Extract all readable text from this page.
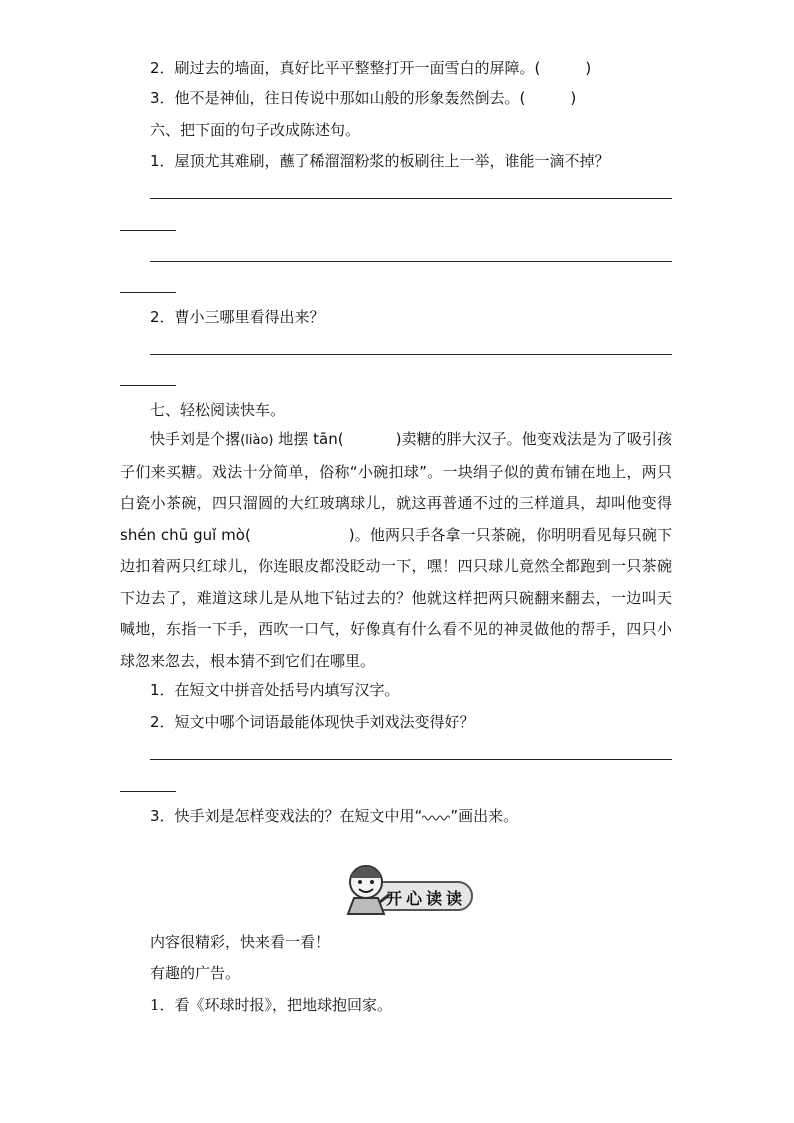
2．刷过去的墙面，真好比平平整整打开一面雪白的屏障。(　　　)
3．他不是神仙，往日传说中那如山般的形象轰然倒去。(　　　)
六、把下面的句子改成陈述句。
1．屋顶尤其难刷，蘸了稀溜溜粉浆的板刷往上一举，谁能一滴不掉？
2．曹小三哪里看得出来？
七、轻松阅读快车。
快手刘是个撂(liào) 地摆 tān(	)卖糖的胖大汉子。他变戏法是为了吸引孩子们来买糖。戏法十分简单，俗称“小碗扣球”。一块绢子似的黄布铺在地上，两只白瓷小茶碗，四只溜圆的大红玻璃球儿，就这再普通不过的三样道具，却叫他变得 shén chū guǐ mò(	)。他两只手各拿一只茶碗，你明明看见每只碗下边扣着两只红球儿，你连眼皮都没眨动一下，嘿！四只球儿竟然全都跑到一只茶碗下边去了，难道这球儿是从地下钻过去的？他就这样把两只碗翻来翻去，一边叫天喊地，东指一下手，西吹一口气，好像真有什么看不见的神灵做他的帮手，四只小球忽来忽去，根本猜不到它们在哪里。
1．在短文中拼音处括号内填写汉字。
2．短文中哪个词语最能体现快手刘戏法变得好？
3．快手刘是怎样变戏法的？在短文中用“ ”画出来。
开心读读
内容很精彩，快来看一看！
有趣的广告。
1．看《环球时报》，把地球抱回家。
